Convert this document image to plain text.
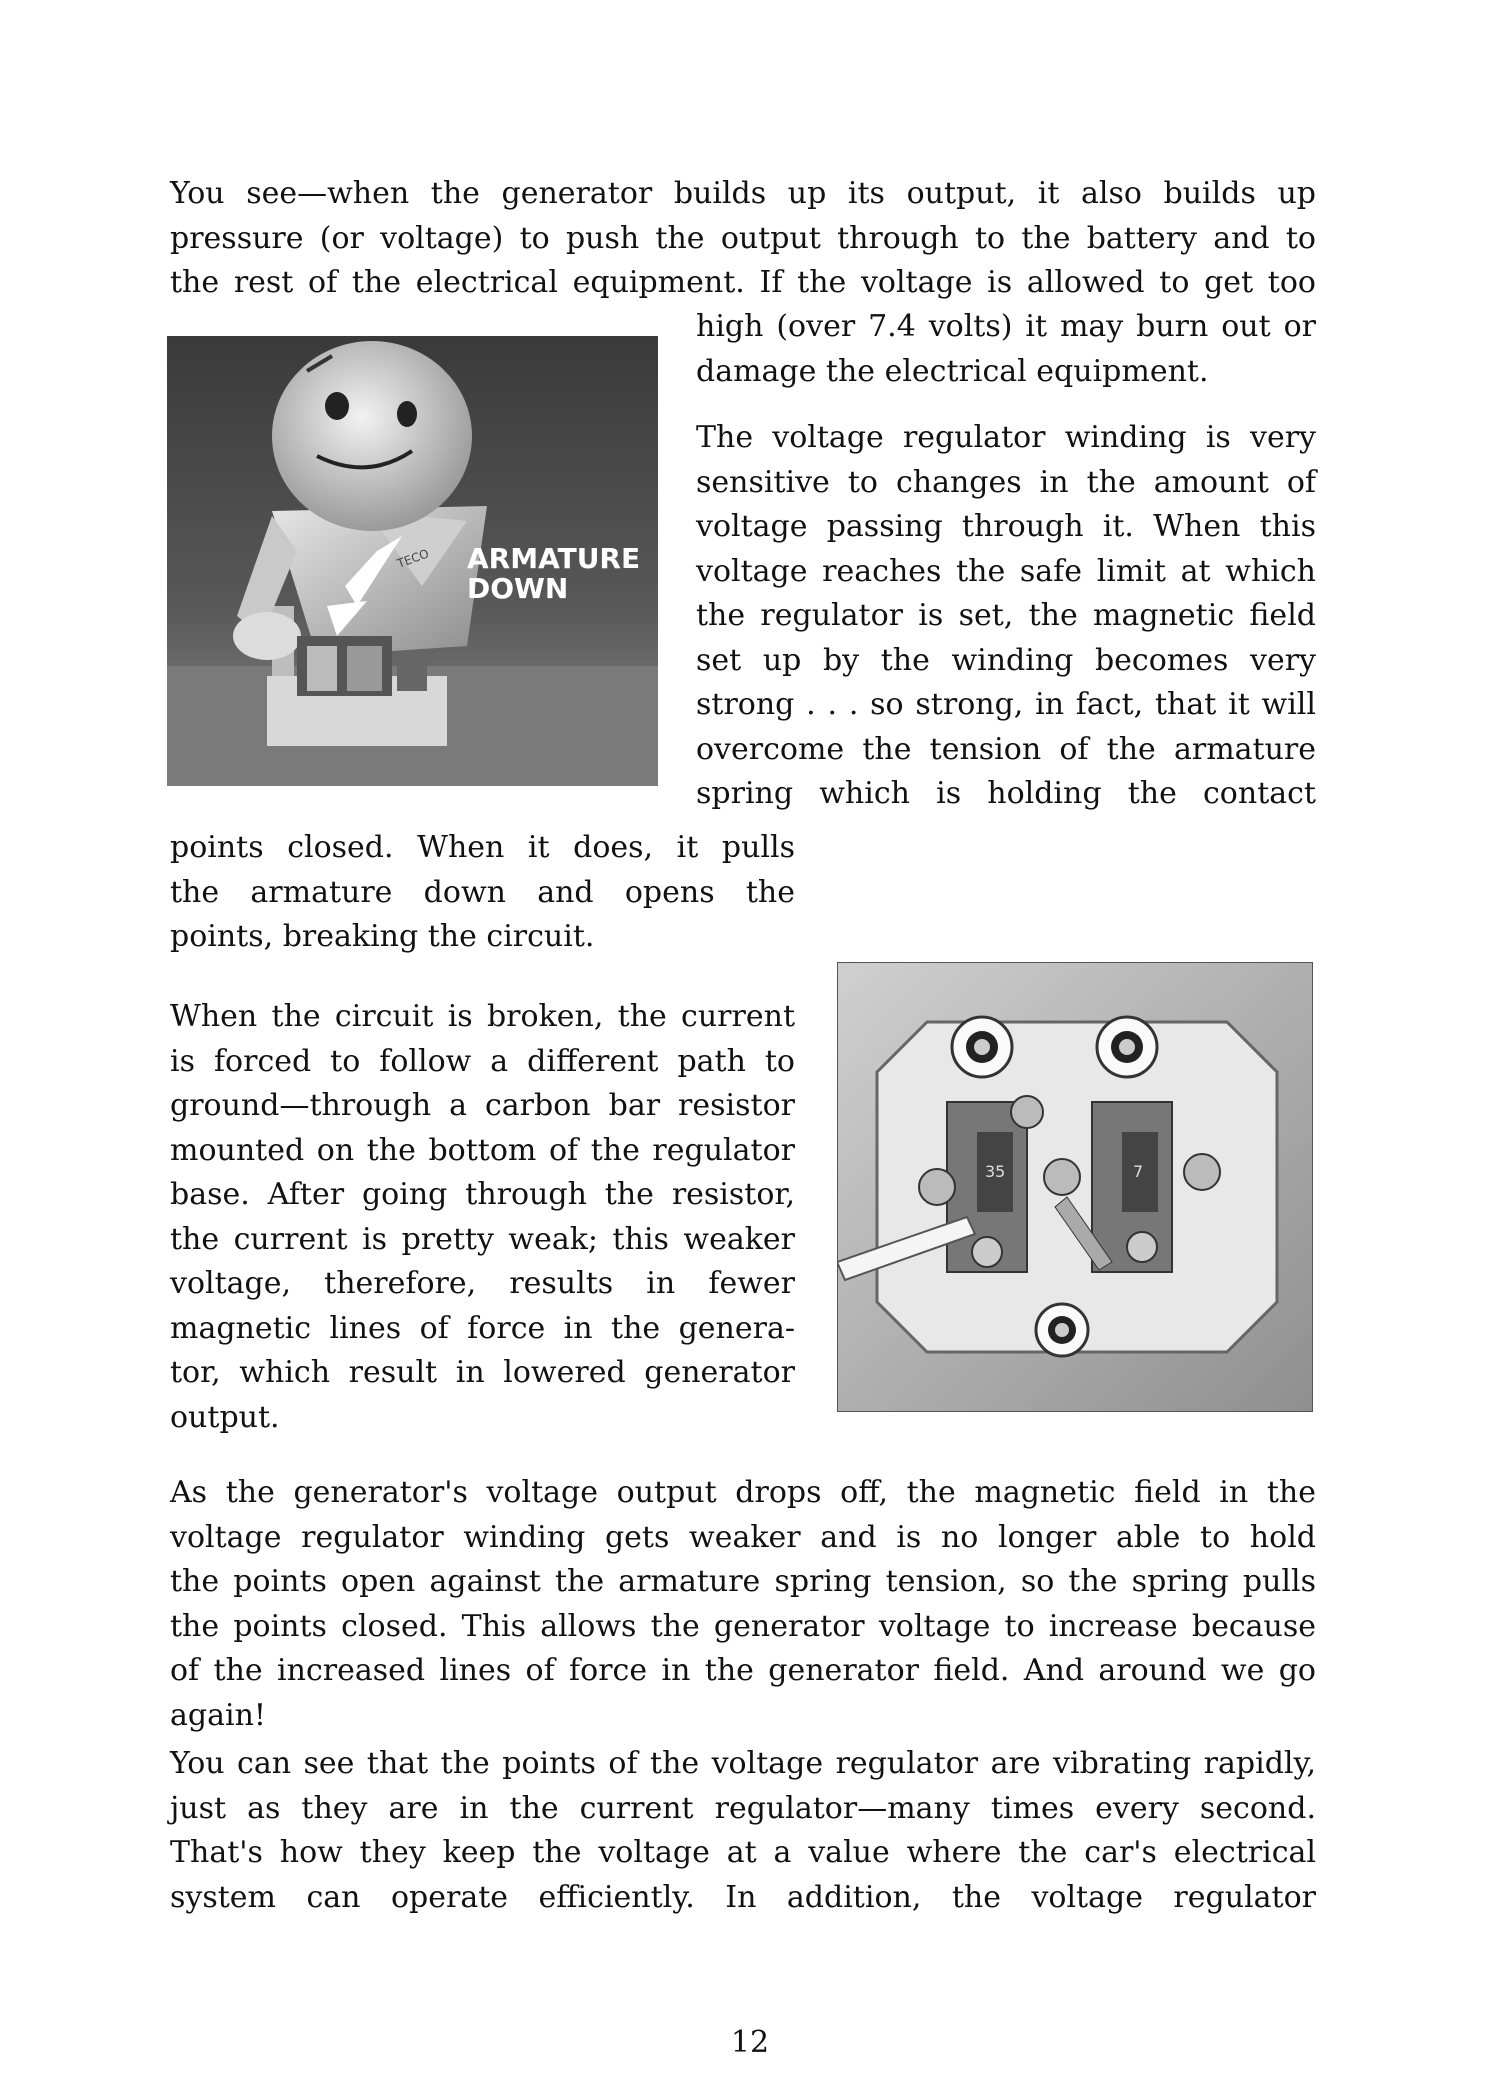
You see—when the generator builds up its output, it also builds up
pressure (or voltage) to push the output through to the battery and to
the rest of the electrical equipment. If the voltage is allowed to get too
high (over 7.4 volts) it may burn out or
damage the electrical equipment.
TECO ARMATURE
DOWN
The voltage regulator winding is very
sensitive to changes in the amount of
voltage passing through it. When this
voltage reaches the safe limit at which
the regulator is set, the magnetic field
set up by the winding becomes very
strong . . . so strong, in fact, that it will
overcome the tension of the armature
spring which is holding the contact
points closed. When it does, it pulls
the armature down and opens the
points, breaking the circuit.
When the circuit is broken, the current
is forced to follow a different path to
ground—through a carbon bar resistor
mounted on the bottom of the regulator
base. After going through the resistor,
the current is pretty weak; this weaker
voltage, therefore, results in fewer
magnetic lines of force in the genera-
tor, which result in lowered generator
output.
35	7
As the generator's voltage output drops off, the magnetic field in the
voltage regulator winding gets weaker and is no longer able to hold
the points open against the armature spring tension, so the spring pulls
the points closed. This allows the generator voltage to increase because
of the increased lines of force in the generator field. And around we go
again!
You can see that the points of the voltage regulator are vibrating rapidly,
just as they are in the current regulator—many times every second.
That's how they keep the voltage at a value where the car's electrical
system can operate efficiently. In addition, the voltage regulator
12
